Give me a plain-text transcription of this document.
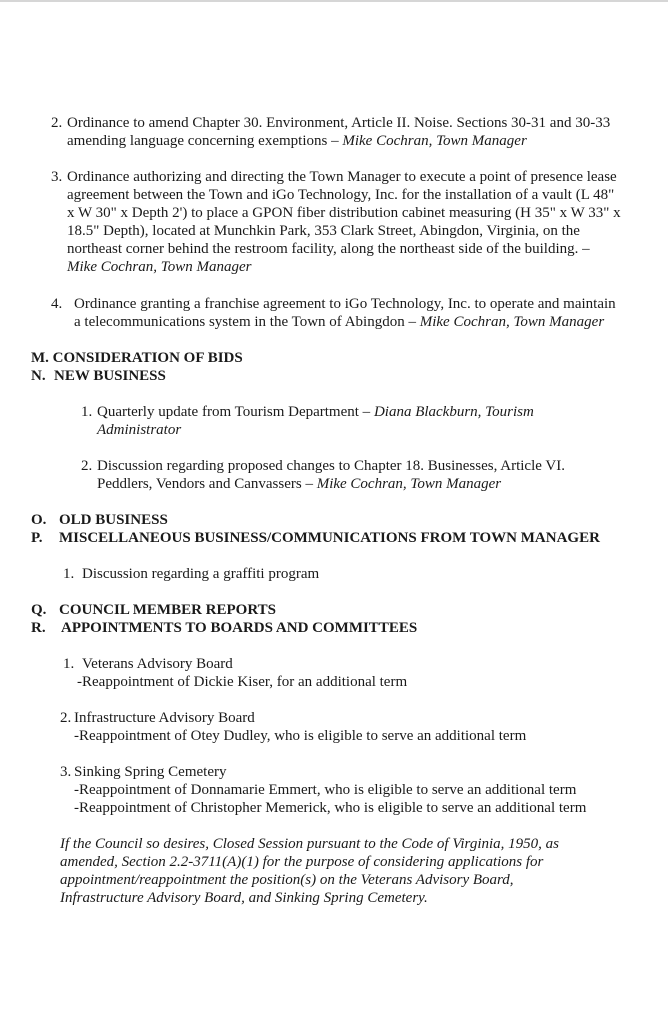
2. Ordinance to amend Chapter 30. Environment, Article II. Noise. Sections 30-31 and 30-33

amending language concerning exemptions – Mike Cochran, Town Manager

3. Ordinance authorizing and directing the Town Manager to execute a point of presence lease

agreement between the Town and iGo Technology, Inc. for the installation of a vault (L 48"

x W 30" x Depth 2') to place a GPON fiber distribution cabinet measuring (H 35" x W 33" x

18.5" Depth), located at Munchkin Park, 353 Clark Street, Abingdon, Virginia, on the

northeast corner behind the restroom facility, along the northeast side of the building. –

Mike Cochran, Town Manager

4. Ordinance granting a franchise agreement to iGo Technology, Inc. to operate and maintain

a telecommunications system in the Town of Abingdon – Mike Cochran, Town Manager

M. CONSIDERATION OF BIDS
N. NEW BUSINESS

1. Quarterly update from Tourism Department – Diana Blackburn, Tourism

Administrator

2. Discussion regarding proposed changes to Chapter 18. Businesses, Article VI.

Peddlers, Vendors and Canvassers – Mike Cochran, Town Manager

O. OLD BUSINESS
P. MISCELLANEOUS BUSINESS/COMMUNICATIONS FROM TOWN MANAGER

1. Discussion regarding a graffiti program

Q. COUNCIL MEMBER REPORTS
R. APPOINTMENTS TO BOARDS AND COMMITTEES

1. Veterans Advisory Board

-Reappointment of Dickie Kiser, for an additional term

2. Infrastructure Advisory Board

-Reappointment of Otey Dudley, who is eligible to serve an additional term

3. Sinking Spring Cemetery

-Reappointment of Donnamarie Emmert, who is eligible to serve an additional term

-Reappointment of Christopher Memerick, who is eligible to serve an additional term

If the Council so desires, Closed Session pursuant to the Code of Virginia, 1950, as

amended, Section 2.2-3711(A)(1) for the purpose of considering applications for

appointment/reappointment the position(s) on the Veterans Advisory Board,

Infrastructure Advisory Board, and Sinking Spring Cemetery.
